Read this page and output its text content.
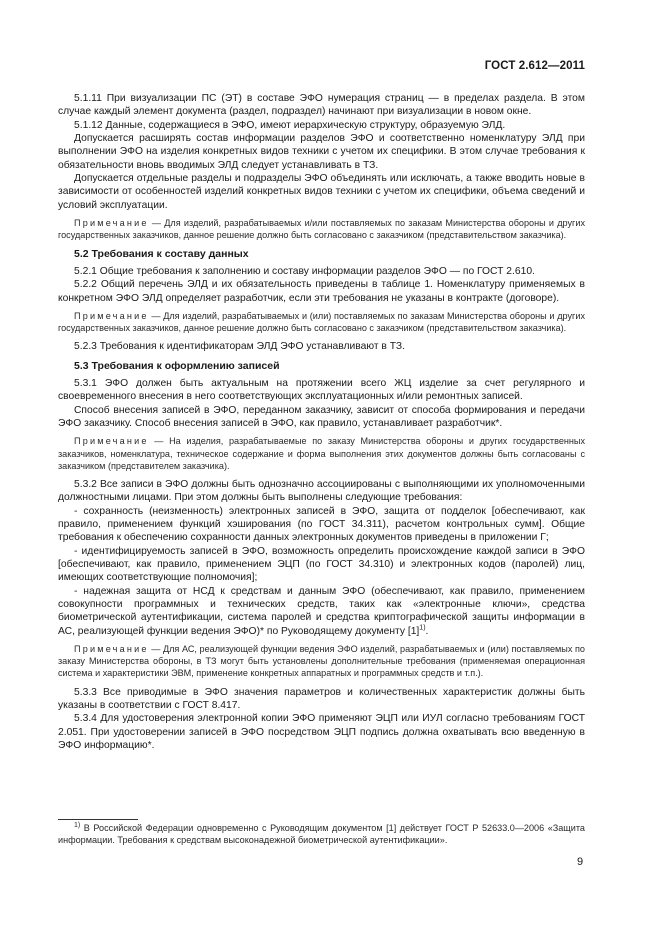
ГОСТ 2.612—2011

5.1.11 При визуализации ПС (ЭТ) в составе ЭФО нумерация страниц — в пределах раздела. В этом случае каждый элемент документа (раздел, подраздел) начинают при визуализации в новом окне.

5.1.12 Данные, содержащиеся в ЭФО, имеют иерархическую структуру, образуемую ЭЛД.

Допускается расширять состав информации разделов ЭФО и соответственно номенклатуру ЭЛД при выполнении ЭФО на изделия конкретных видов техники с учетом их специфики. В этом случае требования к обязательности вновь вводимых ЭЛД следует устанавливать в ТЗ.

Допускается отдельные разделы и подразделы ЭФО объединять или исключать, а также вводить новые в зависимости от особенностей изделий конкретных видов техники с учетом их специфики, объема сведений и условий эксплуатации.

Примечание — Для изделий, разрабатываемых и/или поставляемых по заказам Министерства обороны и других государственных заказчиков, данное решение должно быть согласовано с заказчиком (представительством заказчика).

5.2 Требования к составу данных

5.2.1 Общие требования к заполнению и составу информации разделов ЭФО — по ГОСТ 2.610.

5.2.2 Общий перечень ЭЛД и их обязательность приведены в таблице 1. Номенклатуру применяемых в конкретном ЭФО ЭЛД определяет разработчик, если эти требования не указаны в контракте (договоре).

Примечание — Для изделий, разрабатываемых и (или) поставляемых по заказам Министерства обороны и других государственных заказчиков, данное решение должно быть согласовано с заказчиком (представительством заказчика).

5.2.3 Требования к идентификаторам ЭЛД ЭФО устанавливают в ТЗ.

5.3 Требования к оформлению записей

5.3.1 ЭФО должен быть актуальным на протяжении всего ЖЦ изделие за счет регулярного и своевременного внесения в него соответствующих эксплуатационных и/или ремонтных записей.

Способ внесения записей в ЭФО, переданном заказчику, зависит от способа формирования и передачи ЭФО заказчику. Способ внесения записей в ЭФО, как правило, устанавливает разработчик*.

Примечание — На изделия, разрабатываемые по заказу Министерства обороны и других государственных заказчиков, номенклатура, техническое содержание и форма выполнения этих документов должны быть согласованы с заказчиком (представителем заказчика).

5.3.2 Все записи в ЭФО должны быть однозначно ассоциированы с выполняющими их уполномоченными должностными лицами. При этом должны быть выполнены следующие требования:

- сохранность (неизменность) электронных записей в ЭФО, защита от подделок [обеспечивают, как правило, применением функций хэширования (по ГОСТ 34.311), расчетом контрольных сумм]. Общие требования к обеспечению сохранности данных электронных документов приведены в приложении Г;

- идентифицируемость записей в ЭФО, возможность определить происхождение каждой записи в ЭФО [обеспечивают, как правило, применением ЭЦП (по ГОСТ 34.310) и электронных кодов (паролей) лиц, имеющих соответствующие полномочия];

- надежная защита от НСД к средствам и данным ЭФО (обеспечивают, как правило, применением совокупности программных и технических средств, таких как «электронные ключи», средства биометрической аутентификации, система паролей и средства криптографической защиты информации в АС, реализующей функции ведения ЭФО)* по Руководящему документу $[1]^{1)}$.

Примечание — Для АС, реализующей функции ведения ЭФО изделий, разрабатываемых и (или) поставляемых по заказу Министерства обороны, в ТЗ могут быть установлены дополнительные требования (применяемая операционная система и характеристики ЭВМ, применение конкретных аппаратных и программных средств и т.п.).

5.3.3 Все приводимые в ЭФО значения параметров и количественных характеристик должны быть указаны в соответствии с ГОСТ 8.417.

5.3.4 Для удостоверения электронной копии ЭФО применяют ЭЦП или ИУЛ согласно требованиям ГОСТ 2.051. При удостоверении записей в ЭФО посредством ЭЦП подпись должна охватывать всю введенную в ЭФО информацию*.

$^{1)}$ В Российской Федерации одновременно с Руководящим документом [1] действует ГОСТ Р 52633.0—2006 «Защита информации. Требования к средствам высоконадежной биометрической аутентификации».
9
